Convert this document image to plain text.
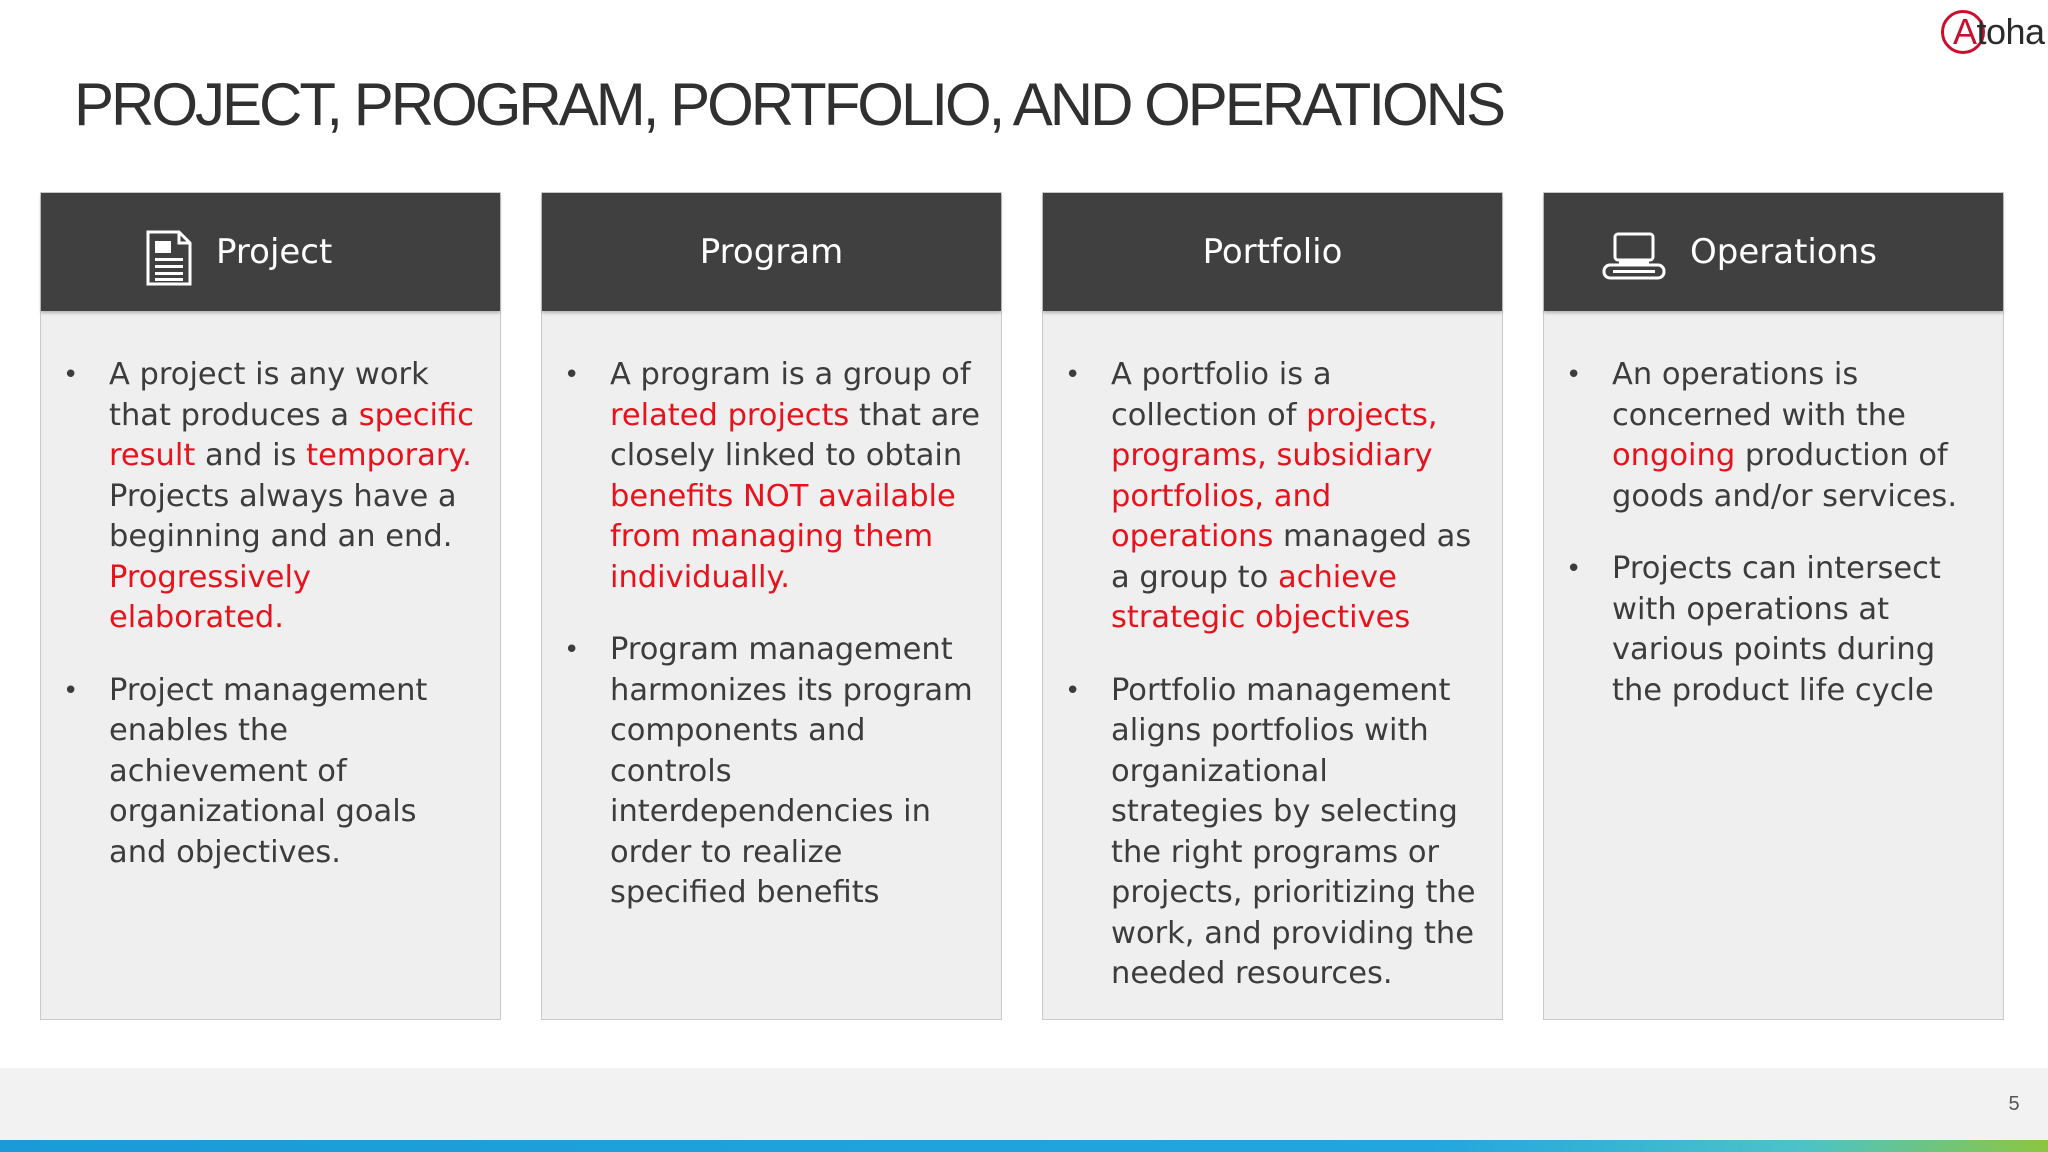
Atoha
PROJECT, PROGRAM, PORTFOLIO, AND OPERATIONS
Project
• A project is any work that produces a specific result and is temporary. Projects always have a beginning and an end. Progressively elaborated.
• Project management enables the achievement of organizational goals and objectives.
Program
• A program is a group of related projects that are closely linked to obtain benefits NOT available from managing them individually.
• Program management harmonizes its program components and controls interdependencies in order to realize specified benefits
Portfolio
• A portfolio is a collection of projects, programs, subsidiary portfolios, and operations managed as a group to achieve strategic objectives
• Portfolio management aligns portfolios with organizational strategies by selecting the right programs or projects, prioritizing the work, and providing the needed resources.
Operations
• An operations is concerned with the ongoing production of goods and/or services.
• Projects can intersect with operations at various points during the product life cycle
5
